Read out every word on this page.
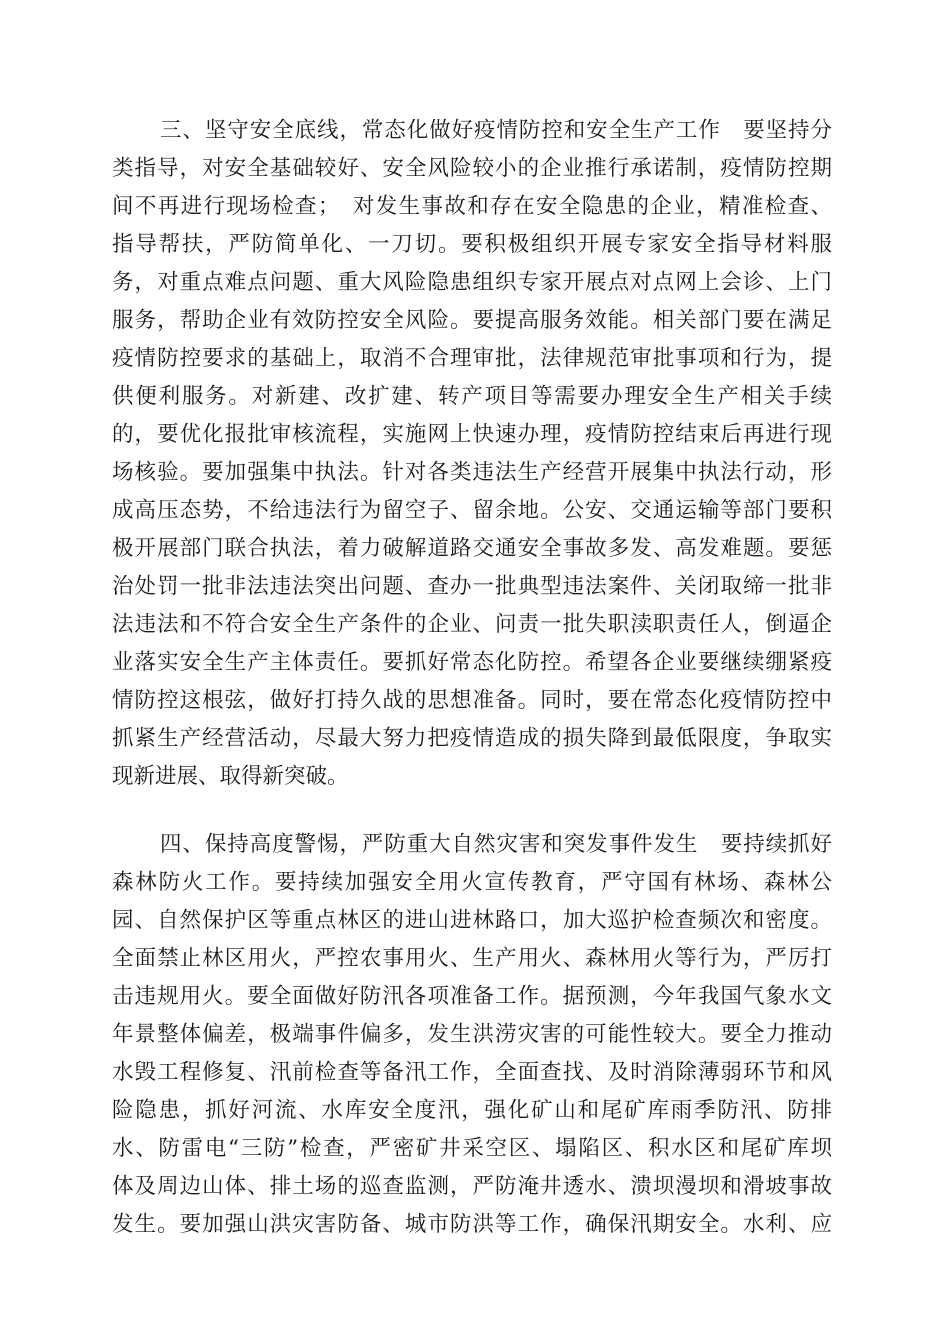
三、坚守安全底线，常态化做好疫情防控和安全生产工作　要坚持分
类指导，对安全基础较好、安全风险较小的企业推行承诺制，疫情防控期
间不再进行现场检查；　对发生事故和存在安全隐患的企业，精准检查、
指导帮扶，严防简单化、一刀切。要积极组织开展专家安全指导材料服
务，对重点难点问题、重大风险隐患组织专家开展点对点网上会诊、上门
服务，帮助企业有效防控安全风险。要提高服务效能。相关部门要在满足
疫情防控要求的基础上，取消不合理审批，法律规范审批事项和行为，提
供便利服务。对新建、改扩建、转产项目等需要办理安全生产相关手续
的，要优化报批审核流程，实施网上快速办理，疫情防控结束后再进行现
场核验。要加强集中执法。针对各类违法生产经营开展集中执法行动，形
成高压态势，不给违法行为留空子、留余地。公安、交通运输等部门要积
极开展部门联合执法，着力破解道路交通安全事故多发、高发难题。要惩
治处罚一批非法违法突出问题、查办一批典型违法案件、关闭取缔一批非
法违法和不符合安全生产条件的企业、问责一批失职渎职责任人，倒逼企
业落实安全生产主体责任。要抓好常态化防控。希望各企业要继续绷紧疫
情防控这根弦，做好打持久战的思想准备。同时，要在常态化疫情防控中
抓紧生产经营活动，尽最大努力把疫情造成的损失降到最低限度，争取实
现新进展、取得新突破。
四、保持高度警惕，严防重大自然灾害和突发事件发生　要持续抓好
森林防火工作。要持续加强安全用火宣传教育，严守国有林场、森林公
园、自然保护区等重点林区的进山进林路口，加大巡护检查频次和密度。
全面禁止林区用火，严控农事用火、生产用火、森林用火等行为，严厉打
击违规用火。要全面做好防汛各项准备工作。据预测，今年我国气象水文
年景整体偏差，极端事件偏多，发生洪涝灾害的可能性较大。要全力推动
水毁工程修复、汛前检查等备汛工作，全面查找、及时消除薄弱环节和风
险隐患，抓好河流、水库安全度汛，强化矿山和尾矿库雨季防汛、防排
水、防雷电“三防”检查，严密矿井采空区、塌陷区、积水区和尾矿库坝
体及周边山体、排土场的巡查监测，严防淹井透水、溃坝漫坝和滑坡事故
发生。要加强山洪灾害防备、城市防洪等工作，确保汛期安全。水利、应
